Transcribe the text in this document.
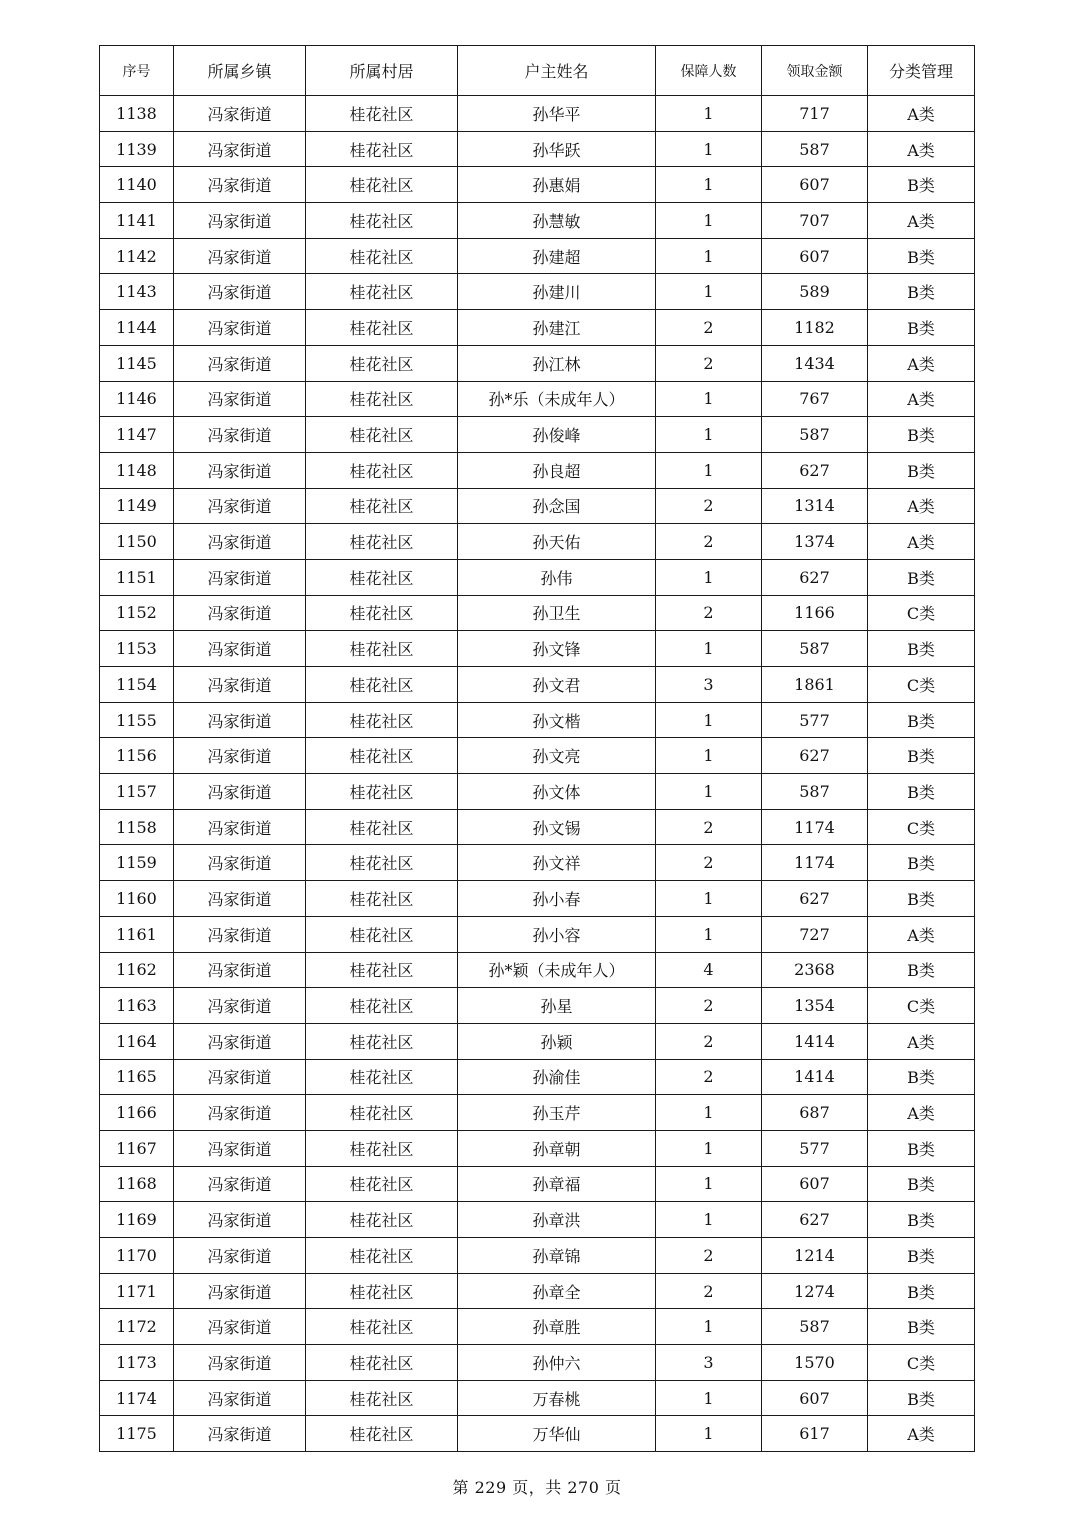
序号	所属乡镇	所属村居	户主姓名	保障人数	领取金额	分类管理
1138	冯家街道	桂花社区	孙华平	1	717	A类
1139	冯家街道	桂花社区	孙华跃	1	587	A类
1140	冯家街道	桂花社区	孙惠娟	1	607	B类
1141	冯家街道	桂花社区	孙慧敏	1	707	A类
1142	冯家街道	桂花社区	孙建超	1	607	B类
1143	冯家街道	桂花社区	孙建川	1	589	B类
1144	冯家街道	桂花社区	孙建江	2	1182	B类
1145	冯家街道	桂花社区	孙江林	2	1434	A类
1146	冯家街道	桂花社区	孙*乐（未成年人）	1	767	A类
1147	冯家街道	桂花社区	孙俊峰	1	587	B类
1148	冯家街道	桂花社区	孙良超	1	627	B类
1149	冯家街道	桂花社区	孙念国	2	1314	A类
1150	冯家街道	桂花社区	孙天佑	2	1374	A类
1151	冯家街道	桂花社区	孙伟	1	627	B类
1152	冯家街道	桂花社区	孙卫生	2	1166	C类
1153	冯家街道	桂花社区	孙文锋	1	587	B类
1154	冯家街道	桂花社区	孙文君	3	1861	C类
1155	冯家街道	桂花社区	孙文楷	1	577	B类
1156	冯家街道	桂花社区	孙文亮	1	627	B类
1157	冯家街道	桂花社区	孙文体	1	587	B类
1158	冯家街道	桂花社区	孙文锡	2	1174	C类
1159	冯家街道	桂花社区	孙文祥	2	1174	B类
1160	冯家街道	桂花社区	孙小春	1	627	B类
1161	冯家街道	桂花社区	孙小容	1	727	A类
1162	冯家街道	桂花社区	孙*颖（未成年人）	4	2368	B类
1163	冯家街道	桂花社区	孙星	2	1354	C类
1164	冯家街道	桂花社区	孙颖	2	1414	A类
1165	冯家街道	桂花社区	孙渝佳	2	1414	B类
1166	冯家街道	桂花社区	孙玉芹	1	687	A类
1167	冯家街道	桂花社区	孙章朝	1	577	B类
1168	冯家街道	桂花社区	孙章福	1	607	B类
1169	冯家街道	桂花社区	孙章洪	1	627	B类
1170	冯家街道	桂花社区	孙章锦	2	1214	B类
1171	冯家街道	桂花社区	孙章全	2	1274	B类
1172	冯家街道	桂花社区	孙章胜	1	587	B类
1173	冯家街道	桂花社区	孙仲六	3	1570	C类
1174	冯家街道	桂花社区	万春桃	1	607	B类
1175	冯家街道	桂花社区	万华仙	1	617	A类
第 229 页，共 270 页
